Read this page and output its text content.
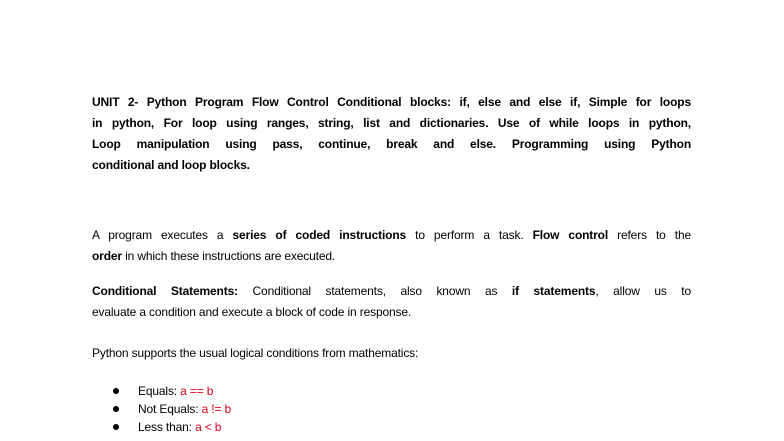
UNIT 2- Python Program Flow Control Conditional blocks: if, else and else if, Simple for loops
in python, For loop using ranges, string, list and dictionaries. Use of while loops in python,
Loop manipulation using pass, continue, break and else. Programming using Python
conditional and loop blocks.
A program executes a series of coded instructions to perform a task. Flow control refers to the
order in which these instructions are executed.
Conditional Statements: Conditional statements, also known as if statements, allow us to
evaluate a condition and execute a block of code in response.
Python supports the usual logical conditions from mathematics:
Equals: a == b
Not Equals: a != b
Less than: a < b
